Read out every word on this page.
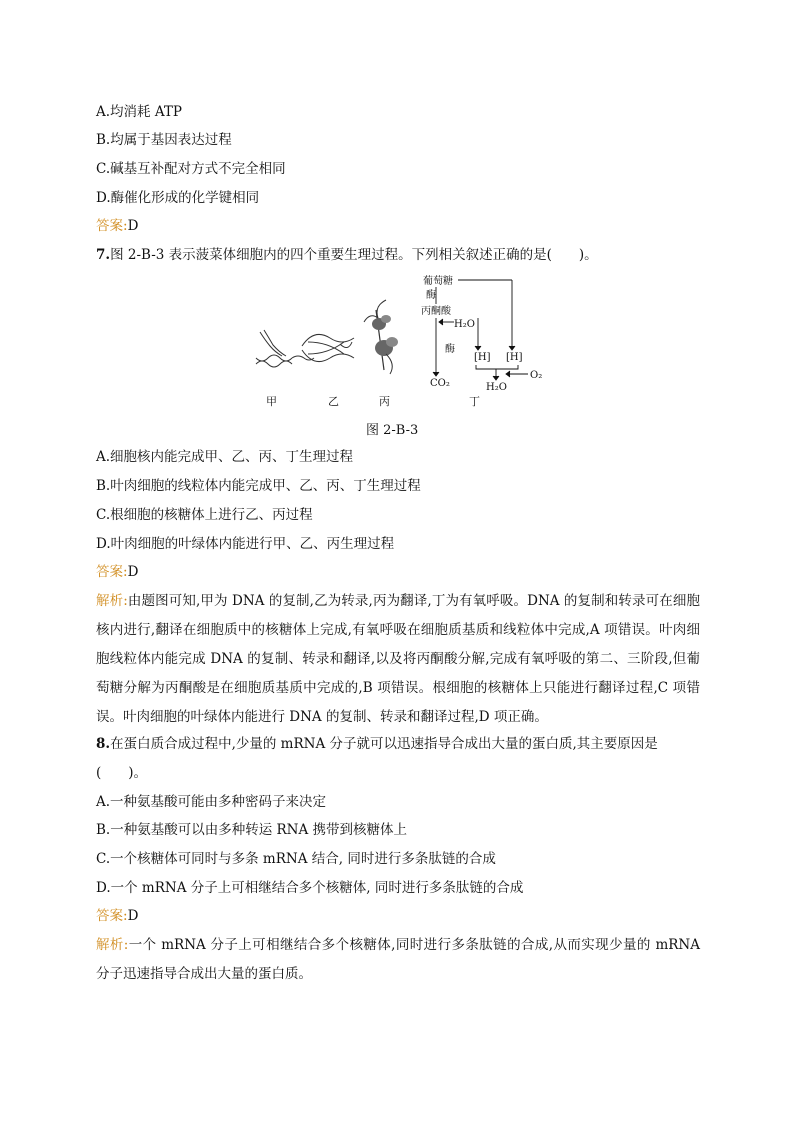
A.均消耗 ATP
B.均属于基因表达过程
C.碱基互补配对方式不完全相同
D.酶催化形成的化学键相同
答案:D
7.图 2-B-3 表示菠菜体细胞内的四个重要生理过程。下列相关叙述正确的是(　　)。
葡萄糖
酶
丙酮酸
H₂O
酶
[H] [H]
CO₂	H₂O
O₂
甲	乙	丙	丁
图 2-B-3
A.细胞核内能完成甲、乙、丙、丁生理过程
B.叶肉细胞的线粒体内能完成甲、乙、丙、丁生理过程
C.根细胞的核糖体上进行乙、丙过程
D.叶肉细胞的叶绿体内能进行甲、乙、丙生理过程
答案:D
解析:由题图可知,甲为 DNA 的复制,乙为转录,丙为翻译,丁为有氧呼吸。DNA 的复制和转录可在细胞核内进行,翻译在细胞质中的核糖体上完成,有氧呼吸在细胞质基质和线粒体中完成,A 项错误。叶肉细胞线粒体内能完成 DNA 的复制、转录和翻译,以及将丙酮酸分解,完成有氧呼吸的第二、三阶段,但葡萄糖分解为丙酮酸是在细胞质基质中完成的,B 项错误。根细胞的核糖体上只能进行翻译过程,C 项错误。叶肉细胞的叶绿体内能进行 DNA 的复制、转录和翻译过程,D 项正确。
8.在蛋白质合成过程中,少量的 mRNA 分子就可以迅速指导合成出大量的蛋白质,其主要原因是
(　　)。
A.一种氨基酸可能由多种密码子来决定
B.一种氨基酸可以由多种转运 RNA 携带到核糖体上
C.一个核糖体可同时与多条 mRNA 结合, 同时进行多条肽链的合成
D.一个 mRNA 分子上可相继结合多个核糖体, 同时进行多条肽链的合成
答案:D
解析:一个 mRNA 分子上可相继结合多个核糖体,同时进行多条肽链的合成,从而实现少量的 mRNA 分子迅速指导合成出大量的蛋白质。
